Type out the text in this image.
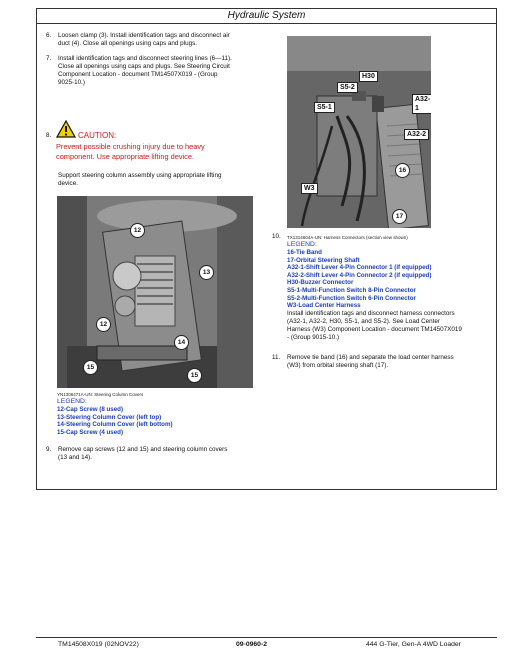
Hydraulic System
6. Loosen clamp (3). Install identification tags and disconnect air
duct (4). Close all openings using caps and plugs.
7. Install identification tags and disconnect steering lines (6—11).
Close all openings using caps and plugs. See Steering Circuit
Component Location - document TM14507X019 - (Group
9025-10.)
8.	CAUTION:
Prevent possible crushing injury due to heavy
component. Use appropriate lifting device.
Support steering column assembly using appropriate lifting
device.
12
13
12
14
15
15
YN1306471A-UN: Steering Column Covers
LEGEND:
12-Cap Screw (8 used)
13-Steering Column Cover (left top)
14-Steering Column Cover (left bottom)
15-Cap Screw (4 used)
9. Remove cap screws (12 and 15) and steering column covers
(13 and 14).
H30
S5-2
A32-1
S5-1
A32-2
16
W3
17
10. TX1314604A-UN: Harness Connectors (section view shown)
LEGEND:
16-Tie Band
17-Orbital Steering Shaft
A32-1-Shift Lever 4-Pin Connector 1 (if equipped)
A32-2-Shift Lever 4-Pin Connector 2 (if equipped)
H30-Buzzer Connector
S5-1-Multi-Function Switch 8-Pin Connector
S5-2-Multi-Function Switch 6-Pin Connector
W3-Load Center Harness
Install identification tags and disconnect harness connectors
(A32-1, A32-2, H30, S5-1, and S5-2). See Load Center
Harness (W3) Component Location - document TM14507X019
- (Group 9015-10.)
11. Remove tie band (16) and separate the load center harness
(W3) from orbital steering shaft (17).
TM14508X019 (02NOV22)	09-0960-2	444 G-Tier, Gen-A 4WD Loader
